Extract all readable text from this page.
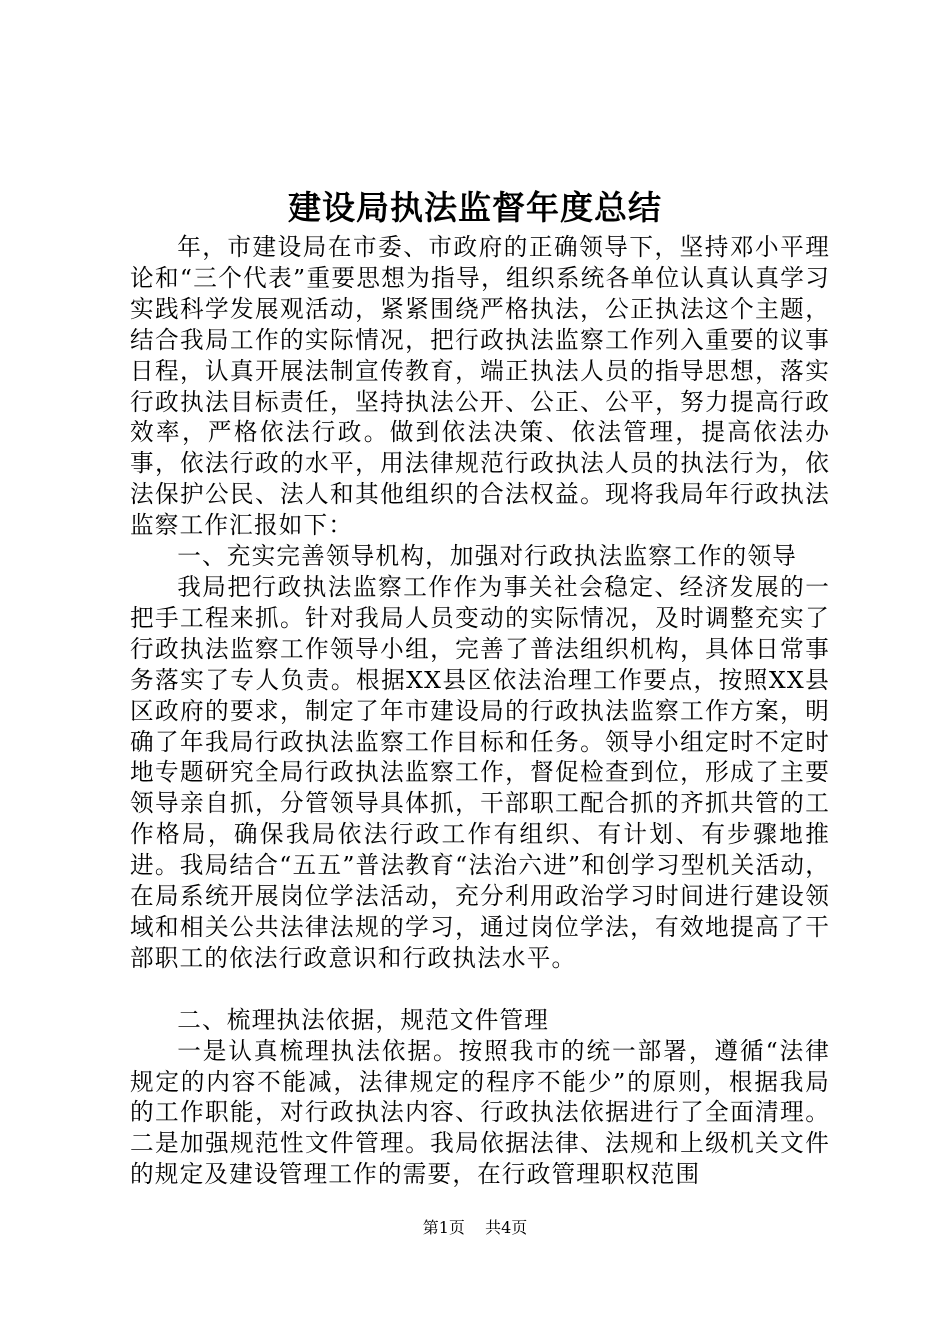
建设局执法监督年度总结

年，市建设局在市委、市政府的正确领导下，坚持邓小平理论和“三个代表”重要思想为指导，组织系统各单位认真认真学习实践科学发展观活动，紧紧围绕严格执法，公正执法这个主题，结合我局工作的实际情况，把行政执法监察工作列入重要的议事日程，认真开展法制宣传教育，端正执法人员的指导思想，落实行政执法目标责任，坚持执法公开、公正、公平，努力提高行政效率，严格依法行政。做到依法决策、依法管理，提高依法办事，依法行政的水平，用法律规范行政执法人员的执法行为，依法保护公民、法人和其他组织的合法权益。现将我局年行政执法监察工作汇报如下：

一、充实完善领导机构，加强对行政执法监察工作的领导

我局把行政执法监察工作作为事关社会稳定、经济发展的一把手工程来抓。针对我局人员变动的实际情况，及时调整充实了行政执法监察工作领导小组，完善了普法组织机构，具体日常事务落实了专人负责。根据XX县区依法治理工作要点，按照XX县区政府的要求，制定了年市建设局的行政执法监察工作方案，明确了年我局行政执法监察工作目标和任务。领导小组定时不定时地专题研究全局行政执法监察工作，督促检查到位，形成了主要领导亲自抓，分管领导具体抓，干部职工配合抓的齐抓共管的工作格局，确保我局依法行政工作有组织、有计划、有步骤地推进。我局结合“五五”普法教育“法治六进”和创学习型机关活动，在局系统开展岗位学法活动，充分利用政治学习时间进行建设领域和相关公共法律法规的学习，通过岗位学法，有效地提高了干部职工的依法行政意识和行政执法水平。

二、梳理执法依据，规范文件管理

一是认真梳理执法依据。按照我市的统一部署，遵循“法律规定的内容不能减，法律规定的程序不能少”的原则，根据我局的工作职能，对行政执法内容、行政执法依据进行了全面清理。二是加强规范性文件管理。我局依据法律、法规和上级机关文件的规定及建设管理工作的需要，在行政管理职权范围

第1页 共4页
